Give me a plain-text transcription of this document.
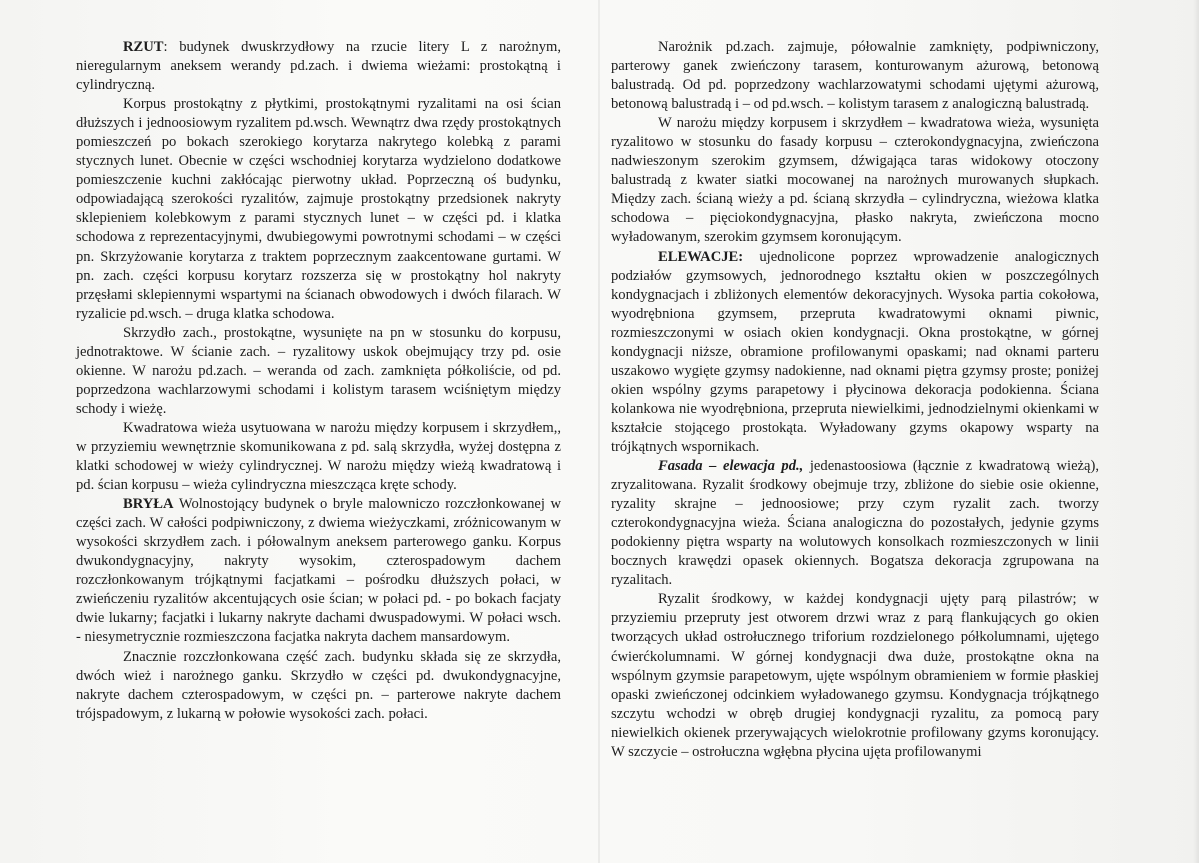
RZUT: budynek dwuskrzydłowy na rzucie litery L z narożnym, nieregularnym aneksem werandy pd.zach. i dwiema wieżami: prostokątną i cylindryczną.

Korpus prostokątny z płytkimi, prostokątnymi ryzalitami na osi ścian dłuższych i jednoosiowym ryzalitem pd.wsch. Wewnątrz dwa rzędy prostokątnych pomieszczeń po bokach szerokiego korytarza nakrytego kolebką z parami stycznych lunet. Obecnie w części wschodniej korytarza wydzielono dodatkowe pomieszczenie kuchni zakłócając pierwotny układ. Poprzeczną oś budynku, odpowiadającą szerokości ryzalitów, zajmuje prostokątny przedsionek nakryty sklepieniem kolebkowym z parami stycznych lunet – w części pd. i klatka schodowa z reprezentacyjnymi, dwubiegowymi powrotnymi schodami – w części pn. Skrzyżowanie korytarza z traktem poprzecznym zaakcentowane gurtami. W pn. zach. części korpusu korytarz rozszerza się w prostokątny hol nakryty przęsłami sklepiennymi wspartymi na ścianach obwodowych i dwóch filarach. W ryzalicie pd.wsch. – druga klatka schodowa.

Skrzydło zach., prostokątne, wysunięte na pn w stosunku do korpusu, jednotraktowe. W ścianie zach. – ryzalitowy uskok obejmujący trzy pd. osie okienne. W narożu pd.zach. – weranda od zach. zamknięta półkoliście, od pd. poprzedzona wachlarzowymi schodami i kolistym tarasem wciśniętym między schody i wieżę.

Kwadratowa wieża usytuowana w narożu między korpusem i skrzydłem,, w przyziemiu wewnętrznie skomunikowana z pd. salą skrzydła, wyżej dostępna z klatki schodowej w wieży cylindrycznej. W narożu między wieżą kwadratową i pd. ścian korpusu – wieża cylindryczna mieszcząca kręte schody.

BRYŁA Wolnostojący budynek o bryle malowniczo rozczłonkowanej w części zach. W całości podpiwniczony, z dwiema wieżyczkami, zróżnicowanym w wysokości skrzydłem zach. i półowalnym aneksem parterowego ganku. Korpus dwukondygnacyjny, nakryty wysokim, czterospadowym dachem rozczłonkowanym trójkątnymi facjatkami – pośrodku dłuższych połaci, w zwieńczeniu ryzalitów akcentujących osie ścian; w połaci pd. - po bokach facjaty dwie lukarny; facjatki i lukarny nakryte dachami dwuspadowymi. W połaci wsch. - niesymetrycznie rozmieszczona facjatka nakryta dachem mansardowym.

Znacznie rozczłonkowana część zach. budynku składa się ze skrzydła, dwóch wież i narożnego ganku. Skrzydło w części pd. dwukondygnacyjne, nakryte dachem czterospadowym, w części pn. – parterowe nakryte dachem trójspadowym, z lukarną w połowie wysokości zach. połaci.

Narożnik pd.zach. zajmuje, półowalnie zamknięty, podpiwniczony, parterowy ganek zwieńczony tarasem, konturowanym ażurową, betonową balustradą. Od pd. poprzedzony wachlarzowatymi schodami ujętymi ażurową, betonową balustradą i – od pd.wsch. – kolistym tarasem z analogiczną balustradą.

W narożu między korpusem i skrzydłem – kwadratowa wieża, wysunięta ryzalitowo w stosunku do fasady korpusu – czterokondygnacyjna, zwieńczona nadwieszonym szerokim gzymsem, dźwigająca taras widokowy otoczony balustradą z kwater siatki mocowanej na narożnych murowanych słupkach. Między zach. ścianą wieży a pd. ścianą skrzydła – cylindryczna, wieżowa klatka schodowa – pięciokondygnacyjna, płasko nakryta, zwieńczona mocno wyładowanym, szerokim gzymsem koronującym.

ELEWACJE: ujednolicone poprzez wprowadzenie analogicznych podziałów gzymsowych, jednorodnego kształtu okien w poszczególnych kondygnacjach i zbliżonych elementów dekoracyjnych. Wysoka partia cokołowa, wyodrębniona gzymsem, przepruta kwadratowymi oknami piwnic, rozmieszczonymi w osiach okien kondygnacji. Okna prostokątne, w górnej kondygnacji niższe, obramione profilowanymi opaskami; nad oknami parteru uszakowo wygięte gzymsy nadokienne, nad oknami piętra gzymsy proste; poniżej okien wspólny gzyms parapetowy i płycinowa dekoracja podokienna. Ściana kolankowa nie wyodrębniona, przepruta niewielkimi, jednodzielnymi okienkami w kształcie stojącego prostokąta. Wyładowany gzyms okapowy wsparty na trójkątnych wspornikach.

Fasada – elewacja pd., jedenastoosiowa (łącznie z kwadratową wieżą), zryzalitowana. Ryzalit środkowy obejmuje trzy, zbliżone do siebie osie okienne, ryzality skrajne – jednoosiowe; przy czym ryzalit zach. tworzy czterokondygnacyjna wieża. Ściana analogiczna do pozostałych, jedynie gzyms podokienny piętra wsparty na wolutowych konsolkach rozmieszczonych w linii bocznych krawędzi opasek okiennych. Bogatsza dekoracja zgrupowana na ryzalitach.

Ryzalit środkowy, w każdej kondygnacji ujęty parą pilastrów; w przyziemiu przepruty jest otworem drzwi wraz z parą flankujących go okien tworzących układ ostrołucznego triforium rozdzielonego półkolumnami, ujętego ćwierćkolumnami. W górnej kondygnacji dwa duże, prostokątne okna na wspólnym gzymsie parapetowym, ujęte wspólnym obramieniem w formie płaskiej opaski zwieńczonej odcinkiem wyładowanego gzymsu. Kondygnacja trójkątnego szczytu wchodzi w obręb drugiej kondygnacji ryzalitu, za pomocą pary niewielkich okienek przerywających wielokrotnie profilowany gzyms koronujący. W szczycie – ostrołuczna wgłębna płycina ujęta profilowanymi
